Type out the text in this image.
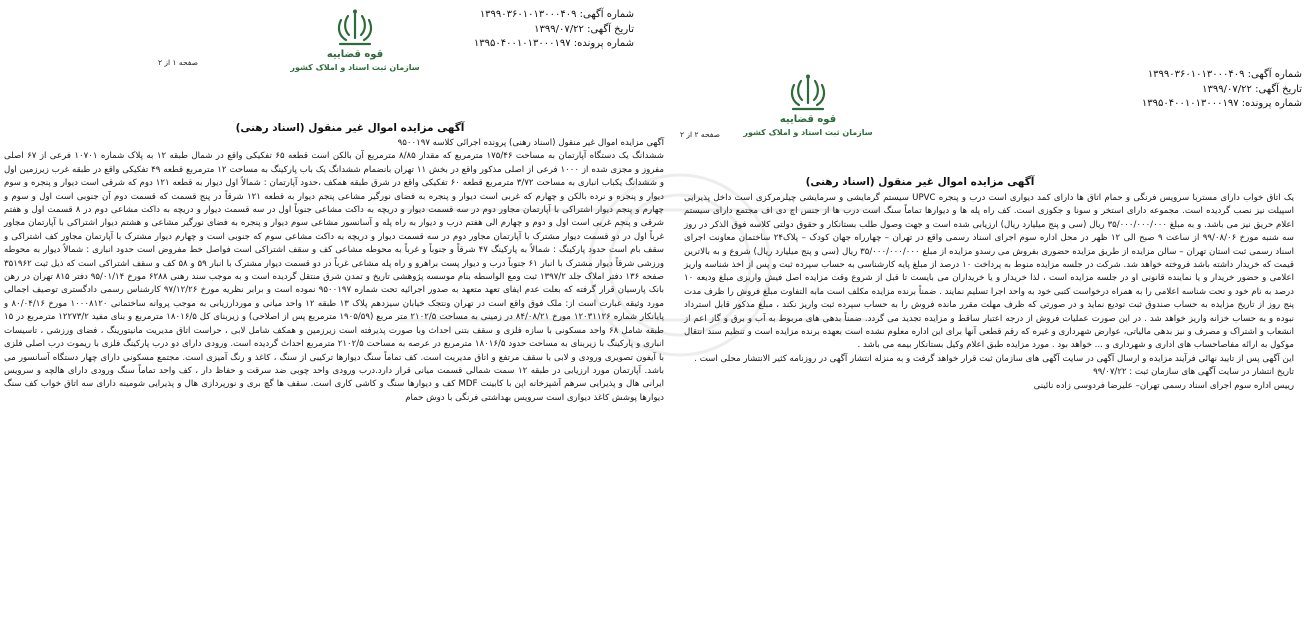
شماره آگهی: ۱۳۹۹۰۳۶۰۱۰۱۳۰۰۰۴۰۹
تاریخ آگهی: ۱۳۹۹/۰۷/۲۲
شماره پرونده: ۱۳۹۵۰۴۰۰۱۰۱۳۰۰۰۱۹۷
قوه قضاییه
سازمان ثبت اسناد و املاک کشور
صفحه ۱ از ۲
آگهی مزایده اموال غیر منقول (اسناد رهنی)

آگهی مزایده اموال غیر منقول (اسناد رهنی) پرونده اجرائی کلاسه ۹۵۰۰۱۹۷

ششدانگ یک دستگاه آپارتمان به مساحت ۱۷۵/۴۶ مترمربع که مقدار ۸/۸۵ مترمربع آن بالکن است قطعه ۶۵ تفکیکی واقع در شمال طبقه ۱۲ به پلاک شماره ۱۰۷۰۱ فرعی از ۶۷ اصلی مفروز و مجزی شده از ۱۰۰۰ فرعی از اصلی مذکور واقع در بخش ۱۱ تهران بانضمام ششدانگ یک باب پارکینگ به مساحت ۱۲ مترمربع قطعه ۴۹ تفکیکی واقع در طبقه غرب زیرزمین اول و ششدانگ یکباب انباری به مساحت ۳/۷۲ مترمربع قطعه ۶۰ تفکیکی واقع در شرق طبقه همکف ،حدود آپارتمان : شمالاً اول دیوار به قطعه ۱۲۱ دوم که شرقی است دیوار و پنجره و سوم دیوار و پنجره و نرده بالکن و چهارم که غربی است دیوار و پنجره به فضای نورگیر مشاعی پنجم دیوار به قطعه ۱۲۱ شرقاً در پنج قسمت که قسمت دوم آن جنوبی است اول و سوم و چهارم و پنجم دیوار اشتراکی با آپارتمان مجاور دوم در سه قسمت دیوار و دریچه به داکت مشاعی جنوباً اول در سه قسمت دیوار و دریچه به داکت مشاعی دوم در ۸ قسمت اول و هفتم شرقی و پنجم غربی است اول و دوم و چهارم الی هفتم درب و دیوار به راه پله و آسانسور مشاعی سوم دیوار و پنجره به فضای نورگیر مشاعی و هشتم دیوار اشتراکی با آپارتمان مجاور غرباً اول در دو قسمت دیوار مشترک با آپارتمان مجاور دوم در سه قسمت دیوار و دریچه به داکت مشاعی سوم که جنوبی است و چهارم دیوار مشترک با آپارتمان مجاور کف اشتراکی و سقف بام است حدود پارکینگ : شمالاً به پارکینگ ۴۷ شرقاً و جنوباً و غرباً به محوطه مشاعی کف و سقف اشتراکی است فواصل خط مفروض است حدود انباری : شمالاً دیوار به محوطه ورزشی شرقاً دیوار مشترک با انبار ۶۱ جنوباً درب و دیوار پست براهرو و راه پله مشاعی غرباً در دو قسمت دیوار مشترک با انبار ۵۹ و ۵۸ کف و سقف اشتراکی است که ذیل ثبت ۳۵۱۹۶۲ صفحه ۱۳۶ دفتر املاک جلد ۱۳۹۷/۲ ثبت ومع الواسطه بنام موسسه پژوهشی تاریخ و تمدن شرق منتقل گردیده است و به موجب سند رهنی ۶۲۸۸ مورخ ۹۵/۰۱/۱۴ دفتر ۸۱۵ تهران در رهن بانک پارسیان قرار گرفته که بعلت عدم ایفای تعهد متعهد به صدور اجرائیه تحت شماره ۹۵۰۰۱۹۷ نموده است و برابر نظریه مورخ ۹۷/۱۲/۲۶ کارشناس رسمی دادگستری توصیف اجمالی مورد وثیقه عبارت است از: ملک فوق واقع است در تهران ونتجک خیابان سیزدهم پلاک ۱۳ طبقه ۱۲ واحد میانی و موردارزیابی به موجب پروانه ساختمانی ۱۰۰۰۸۱۲۰ مورخ ۸۰/۰۴/۱۶ و پایانکار شماره ۱۲۰۳۱۱۲۶ مورخ ۸۴/۰۸/۲۱ در زمینی به مساحت ۲۱۰۲/۵ متر مربع (۱۹۰۵/۵۹ مترمربع پس از اصلاحی) و زیربنای کل ۱۸۰۱۶/۵ مترمربع و بنای مفید ۱۲۲۷۳/۲ مترمربع در ۱۵ طبقه شامل ۶۸ واحد مسکونی با سازه فلزی و سقف بتنی احداث وبا صورت پذیرفته است زیرزمین و همکف شامل لابی ، حراست اتاق مدیریت مانیتورینگ ، فضای ورزشی ، تاسیسات انباری و پارکینگ با زیربنای به مساحت حدود ۱۸۰۱۶/۵ مترمربع در عرصه به مساحت ۲۱۰۲/۵ مترمربع احداث گردیده است. ورودی دارای دو درب پارکینگ فلزی با ریموت درب اصلی فلزی با آیفون تصویری ورودی و لابی با سقف مرتفع و اتاق مدیریت است. کف تماماً سنگ دیوارها ترکیبی از سنگ ، کاغذ و رنگ آمیزی است. مجتمع مسکونی دارای چهار دستگاه آسانسور می باشد. آپارتمان مورد ارزیابی در طبقه ۱۲ سمت شمالی قسمت میانی قرار دارد.درب ورودی واحد چوبی ضد سرقت و حفاظ دار ، کف واحد تماماً سنگ ورودی دارای هالچه و سرویس ایرانی هال و پذیرایی سرهم آشپزخانه اپن با کابینت MDF کف و دیوارها سنگ و کاشی کاری است. سقف ها گچ بری و نورپردازی هال و پذیرایی شومینه دارای سه اتاق خواب کف سنگ دیوارها پوشش کاغذ دیواری است سرویس بهداشتی فرنگی با دوش حمام

شماره آگهی: ۱۳۹۹۰۳۶۰۱۰۱۳۰۰۰۴۰۹
تاریخ آگهی: ۱۳۹۹/۰۷/۲۲
شماره پرونده: ۱۳۹۵۰۴۰۰۱۰۱۳۰۰۰۱۹۷
قوه قضاییه
سازمان ثبت اسناد و املاک کشور
صفحه ۲ از ۲
آگهی مزایده اموال غیر منقول (اسناد رهنی)

یک اتاق خواب دارای مستربا سرویس فرنگی و حمام اتاق ها دارای کمد دیواری است درب و پنجره UPVC سیستم گرمایشی و سرمایشی چیلرمرکزی است داخل پذیرایی اسپیلت نیز نصب گردیده است. مجموعه دارای استخر و سونا و جکوزی است. کف راه پله ها و دیوارها تماماً سنگ است درب ها از جنس اچ دی اف مجتمع دارای سیستم اعلام حریق نیز می باشد. و به مبلغ ۳۵/۰۰۰/۰۰۰/۰۰۰ ریال (سی و پنج میلیارد ریال) ارزیابی شده است و جهت وصول طلب بستانکار و حقوق دولتی کلاسه فوق الذکر در روز سه شنبه مورخ ۹۹/۰۸/۰۶ از ساعت ۹ صبح الی ۱۲ ظهر در محل اداره سوم اجرای اسناد رسمی واقع در تهران – چهارراه جهان کودک – پلاک۲۴ ساختمان معاونت اجرای اسناد رسمی ثبت استان تهران – سالن مزایده از طریق مزایده حضوری بفروش می رسدو مزایده از مبلغ ۳۵/۰۰۰/۰۰۰/۰۰۰ ریال (سی و پنج میلیارد ریال) شروع و به بالاترین قیمت که خریدار داشته باشد فروخته خواهد شد. شرکت در جلسه مزایده منوط به پرداخت ۱۰ درصد از مبلغ پایه کارشناسی به حساب سپرده ثبت و پس از اخذ شناسه واریز اعلامی و حضور خریدار و یا نماینده قانونی او در جلسه مزایده است ، لذا خریدار و یا خریداران می بایست تا قبل از شروع وقت مزایده اصل فیش واریزی مبلغ ودیعه ۱۰ درصد به نام خود و تحت شناسه اعلامی را به همراه درخواست کتبی خود به واحد اجرا تسلیم نمایند . ضمناً برنده مزایده مکلف است مابه التفاوت مبلغ فروش را ظرف مدت پنج روز از تاریخ مزایده به حساب صندوق ثبت تودیع نماید و در صورتی که ظرف مهلت مقرر مانده فروش را به حساب سپرده ثبت واریز نکند ، مبلغ مذکور قابل استرداد نبوده و به حساب خزانه واریز خواهد شد . در این صورت عملیات فروش از درجه اعتبار ساقط و مزایده تجدید می گردد. ضمناً بدهی های مربوط به آب و برق و گاز اعم از انشعاب و اشتراک و مصرف و نیز بدهی مالیاتی، عوارض شهرداری و غیره که رقم قطعی آنها برای این اداره معلوم نشده است بعهده برنده مزایده است و تنظیم سند انتقال موکول به ارائه مفاصاحساب های اداری و شهرداری و ... خواهد بود . مورد مزایده طبق اعلام وکیل بستانکار بیمه می باشد .

این آگهی پس از تایید نهائی فرآیند مزایده و ارسال آگهی در سایت آگهی های سازمان ثبت قرار خواهد گرفت و به منزله انتشار آگهی در روزنامه کثیر الانتشار محلی است .

تاریخ انتشار در سایت آگهی های سازمان ثبت : ۹۹/۰۷/۲۲

رییس اداره سوم اجرای اسناد رسمی تهران– علیرضا فردوسی زاده نائینی
